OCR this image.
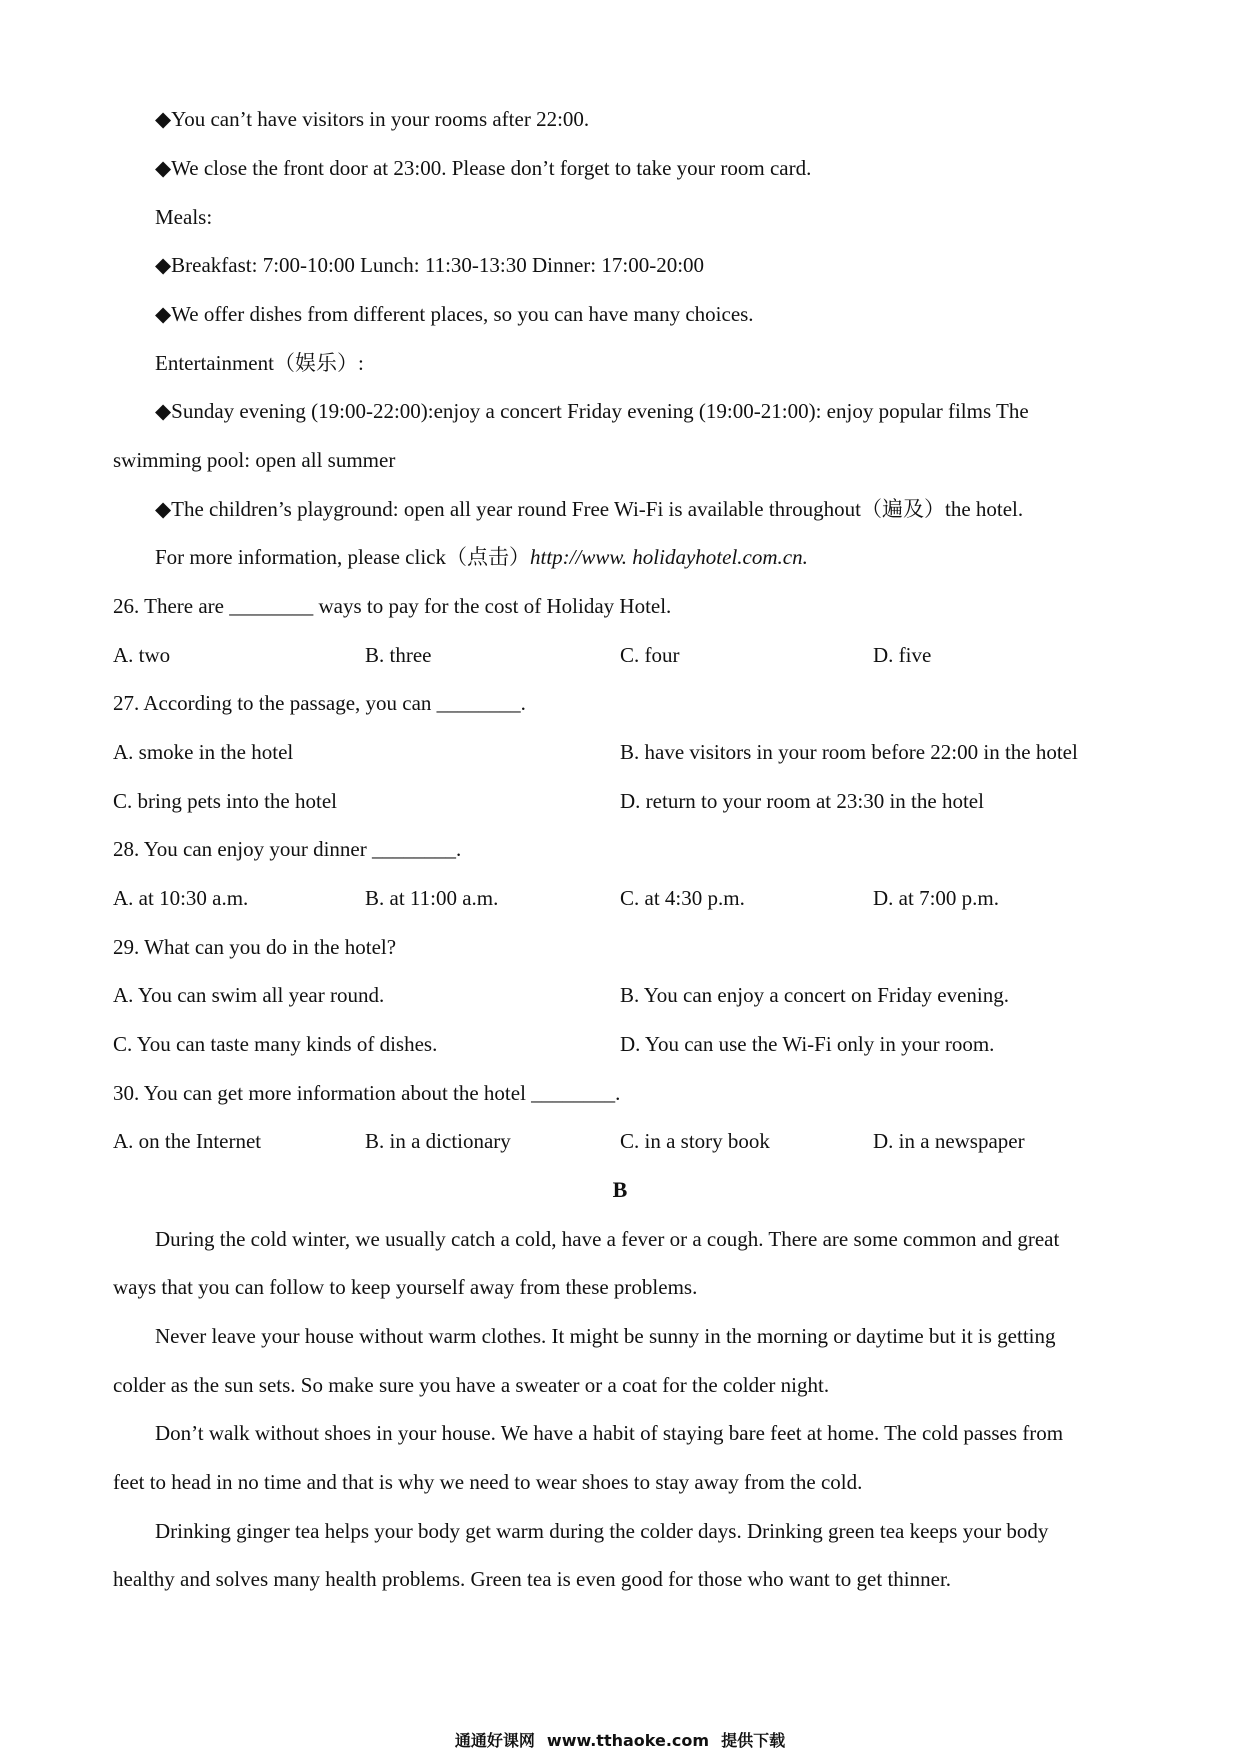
◆You can’t have visitors in your rooms after 22:00.
◆We close the front door at 23:00. Please don’t forget to take your room card.
Meals:
◆Breakfast: 7:00-10:00 Lunch: 11:30-13:30 Dinner: 17:00-20:00
◆We offer dishes from different places, so you can have many choices.
Entertainment（娱乐）:
◆Sunday evening (19:00-22:00):enjoy a concert Friday evening (19:00-21:00): enjoy popular films The
swimming pool: open all summer
◆The children’s playground: open all year round Free Wi-Fi is available throughout（遍及）the hotel.
For more information, please click（点击）http://www. holidayhotel.com.cn.
26. There are ________ ways to pay for the cost of Holiday Hotel.
A. two	B. three	C. four	D. five
27. According to the passage, you can ________.
A. smoke in the hotel	B. have visitors in your room before 22:00 in the hotel
C. bring pets into the hotel	D. return to your room at 23:30 in the hotel
28. You can enjoy your dinner ________.
A. at 10:30 a.m.	B. at 11:00 a.m.	C. at 4:30 p.m.	D. at 7:00 p.m.
29. What can you do in the hotel?
A. You can swim all year round.	B. You can enjoy a concert on Friday evening.
C. You can taste many kinds of dishes.	D. You can use the Wi-Fi only in your room.
30. You can get more information about the hotel ________.
A. on the Internet	B. in a dictionary	C. in a story book	D. in a newspaper
B
During the cold winter, we usually catch a cold, have a fever or a cough. There are some common and great
ways that you can follow to keep yourself away from these problems.
Never leave your house without warm clothes. It might be sunny in the morning or daytime but it is getting
colder as the sun sets. So make sure you have a sweater or a coat for the colder night.
Don’t walk without shoes in your house. We have a habit of staying bare feet at home. The cold passes from
feet to head in no time and that is why we need to wear shoes to stay away from the cold.
Drinking ginger tea helps your body get warm during the colder days. Drinking green tea keeps your body
healthy and solves many health problems. Green tea is even good for those who want to get thinner.
通通好课网 www.tthaoke.com 提供下载
